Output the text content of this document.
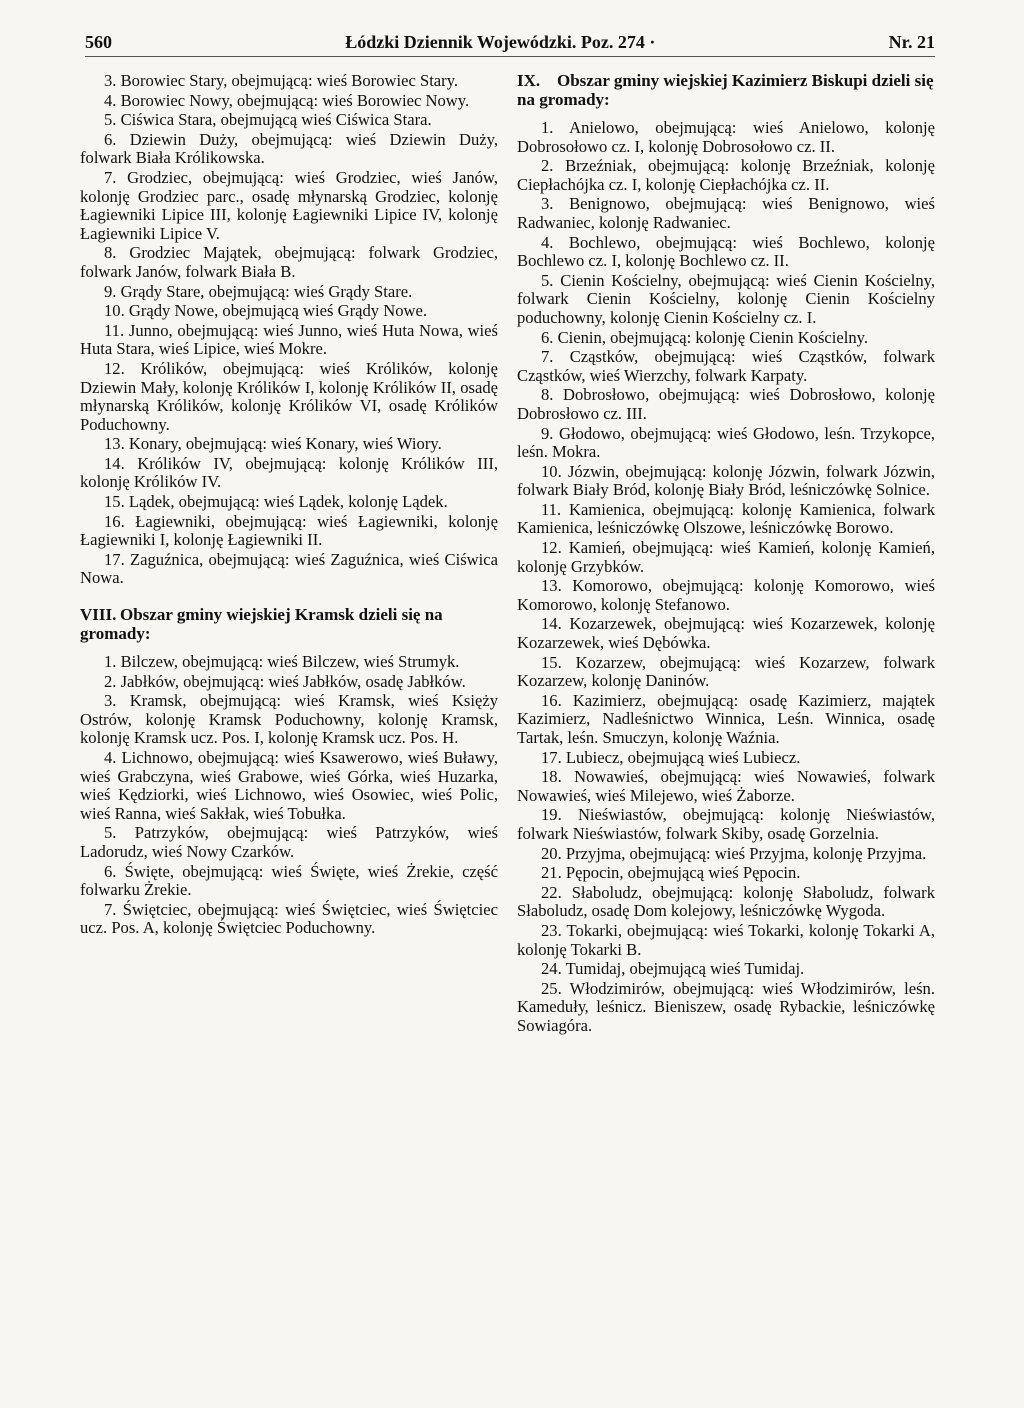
560	Łódzki Dziennik Wojewódzki. Poz. 274 ·	Nr. 21

3. Borowiec Stary, obejmującą: wieś Borowiec Stary.

4. Borowiec Nowy, obejmującą: wieś Borowiec Nowy.

5. Ciświca Stara, obejmującą wieś Ciświca Stara.

6. Dziewin Duży, obejmującą: wieś Dziewin Duży, folwark Biała Królikowska.

7. Grodziec, obejmującą: wieś Grodziec, wieś Janów, kolonję Grodziec parc., osadę młynarską Grodziec, kolonję Łagiewniki Lipice III, kolonję Łagiewniki Lipice IV, kolonję Łagiewniki Lipice V.

8. Grodziec Majątek, obejmującą: folwark Grodziec, folwark Janów, folwark Biała B.

9. Grądy Stare, obejmującą: wieś Grądy Stare.

10. Grądy Nowe, obejmującą wieś Grądy Nowe.

11. Junno, obejmującą: wieś Junno, wieś Huta Nowa, wieś Huta Stara, wieś Lipice, wieś Mokre.

12. Królików, obejmującą: wieś Królików, kolonję Dziewin Mały, kolonję Królików I, kolonję Królików II, osadę młynarską Królików, kolonję Królików VI, osadę Królików Poduchowny.

13. Konary, obejmującą: wieś Konary, wieś Wiory.

14. Królików IV, obejmującą: kolonję Królików III, kolonję Królików IV.

15. Lądek, obejmującą: wieś Lądek, kolonję Lądek.

16. Łagiewniki, obejmującą: wieś Łagiewniki, kolonję Łagiewniki I, kolonję Łagiewniki II.

17. Zaguźnica, obejmującą: wieś Zaguźnica, wieś Ciświca Nowa.

VIII. Obszar gminy wiejskiej Kramsk dzieli się na gromady:

1. Bilczew, obejmującą: wieś Bilczew, wieś Strumyk.

2. Jabłków, obejmującą: wieś Jabłków, osadę Jabłków.

3. Kramsk, obejmującą: wieś Kramsk, wieś Księży Ostrów, kolonję Kramsk Poduchowny, kolonję Kramsk, kolonję Kramsk ucz. Pos. I, kolonję Kramsk ucz. Pos. H.

4. Lichnowo, obejmującą: wieś Ksawerowo, wieś Buławy, wieś Grabczyna, wieś Grabowe, wieś Górka, wieś Huzarka, wieś Kędziorki, wieś Lichnowo, wieś Osowiec, wieś Polic, wieś Ranna, wieś Sakłak, wieś Tobułka.

5. Patrzyków, obejmującą: wieś Patrzyków, wieś Ladorudz, wieś Nowy Czarków.

6. Święte, obejmującą: wieś Święte, wieś Żrekie, część folwarku Żrekie.

7. Świętciec, obejmującą: wieś Świętciec, wieś Świętciec ucz. Pos. A, kolonję Świętciec Poduchowny.

IX. Obszar gminy wiejskiej Kazimierz Biskupi dzieli się na gromady:

1. Anielowo, obejmującą: wieś Anielowo, kolonję Dobrosołowo cz. I, kolonję Dobrosołowo cz. II.

2. Brzeźniak, obejmującą: kolonję Brzeźniak, kolonję Ciepłachójka cz. I, kolonję Ciepłachójka cz. II.

3. Benignowo, obejmującą: wieś Benignowo, wieś Radwaniec, kolonję Radwaniec.

4. Bochlewo, obejmującą: wieś Bochlewo, kolonję Bochlewo cz. I, kolonję Bochlewo cz. II.

5. Cienin Kościelny, obejmującą: wieś Cienin Kościelny, folwark Cienin Kościelny, kolonję Cienin Kościelny poduchowny, kolonję Cienin Kościelny cz. I.

6. Cienin, obejmującą: kolonję Cienin Kościelny.

7. Cząstków, obejmującą: wieś Cząstków, folwark Cząstków, wieś Wierzchy, folwark Karpaty.

8. Dobrosłowo, obejmującą: wieś Dobrosłowo, kolonję Dobrosłowo cz. III.

9. Głodowo, obejmującą: wieś Głodowo, leśn. Trzykopce, leśn. Mokra.

10. Józwin, obejmującą: kolonję Józwin, folwark Józwin, folwark Biały Bród, kolonję Biały Bród, leśniczówkę Solnice.

11. Kamienica, obejmującą: kolonję Kamienica, folwark Kamienica, leśniczówkę Olszowe, leśniczówkę Borowo.

12. Kamień, obejmującą: wieś Kamień, kolonję Kamień, kolonję Grzybków.

13. Komorowo, obejmującą: kolonję Komorowo, wieś Komorowo, kolonję Stefanowo.

14. Kozarzewek, obejmującą: wieś Kozarzewek, kolonję Kozarzewek, wieś Dębówka.

15. Kozarzew, obejmującą: wieś Kozarzew, folwark Kozarzew, kolonję Daninów.

16. Kazimierz, obejmującą: osadę Kazimierz, majątek Kazimierz, Nadleśnictwo Winnica, Leśn. Winnica, osadę Tartak, leśn. Smuczyn, kolonję Waźnia.

17. Lubiecz, obejmującą wieś Lubiecz.

18. Nowawieś, obejmującą: wieś Nowawieś, folwark Nowawieś, wieś Milejewo, wieś Żaborze.

19. Nieświastów, obejmującą: kolonję Nieświastów, folwark Nieświastów, folwark Skiby, osadę Gorzelnia.

20. Przyjma, obejmującą: wieś Przyjma, kolonję Przyjma.

21. Pępocin, obejmującą wieś Pępocin.

22. Słaboludz, obejmującą: kolonję Słaboludz, folwark Słaboludz, osadę Dom kolejowy, leśniczówkę Wygoda.

23. Tokarki, obejmującą: wieś Tokarki, kolonję Tokarki A, kolonję Tokarki B.

24. Tumidaj, obejmującą wieś Tumidaj.

25. Włodzimirów, obejmującą: wieś Włodzimirów, leśn. Kamedułу, leśnicz. Bieniszew, osadę Rybackie, leśniczówkę Sowiagóra.
